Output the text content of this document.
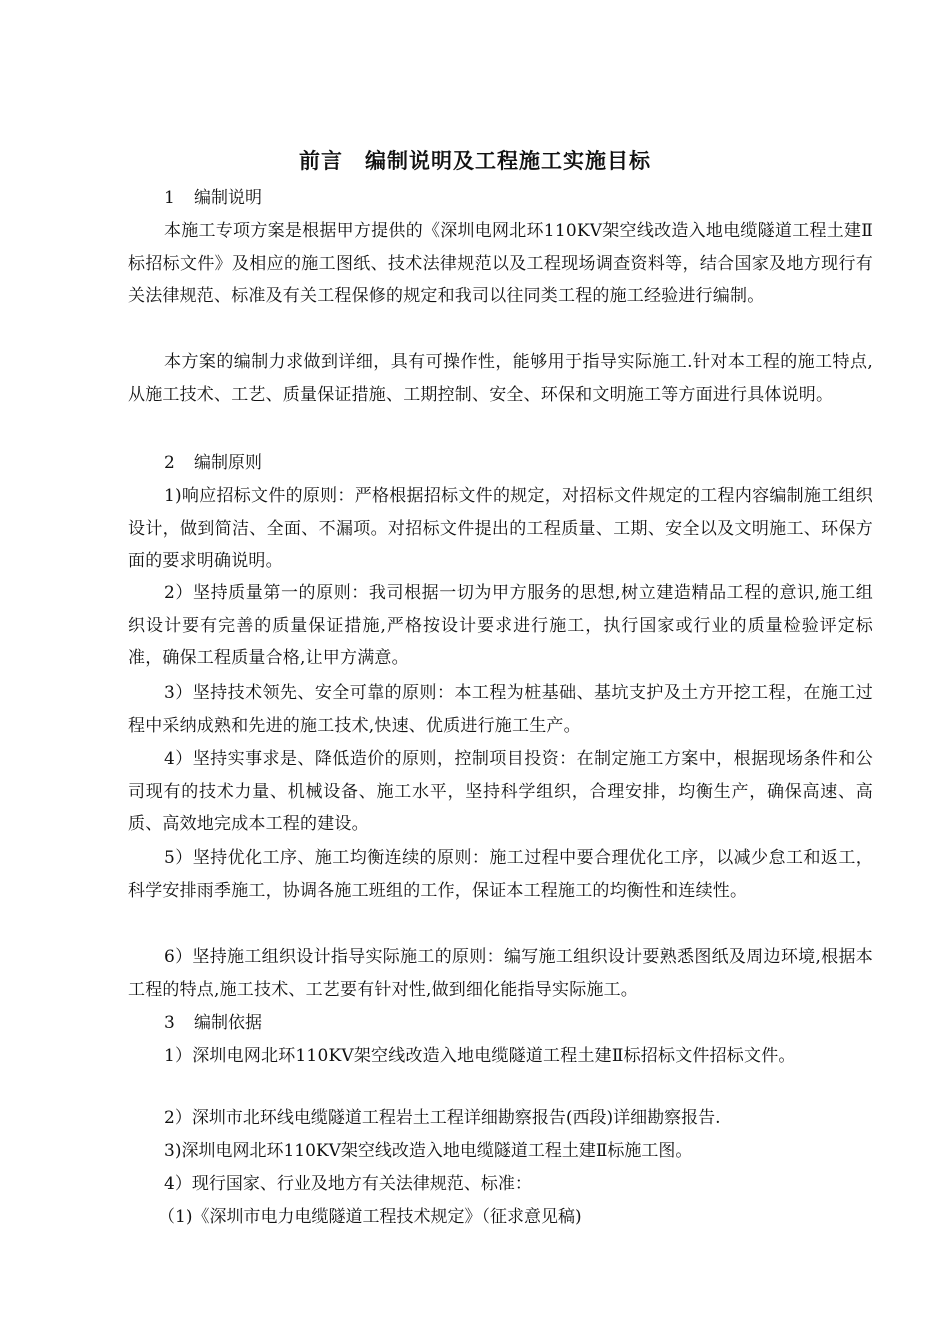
前言　编制说明及工程施工实施目标
1 编制说明
本施工专项方案是根据甲方提供的《深圳电网北环110KV架空线改造入地电缆隧道工程土建Ⅱ标招标文件》及相应的施工图纸、技术法律规范以及工程现场调查资料等，结合国家及地方现行有关法律规范、标准及有关工程保修的规定和我司以往同类工程的施工经验进行编制。
本方案的编制力求做到详细，具有可操作性，能够用于指导实际施工.针对本工程的施工特点,从施工技术、工艺、质量保证措施、工期控制、安全、环保和文明施工等方面进行具体说明。
2 编制原则
1)响应招标文件的原则：严格根据招标文件的规定，对招标文件规定的工程内容编制施工组织设计，做到简洁、全面、不漏项。对招标文件提出的工程质量、工期、安全以及文明施工、环保方面的要求明确说明。
2）坚持质量第一的原则：我司根据一切为甲方服务的思想,树立建造精品工程的意识,施工组织设计要有完善的质量保证措施,严格按设计要求进行施工，执行国家或行业的质量检验评定标准，确保工程质量合格,让甲方满意。
3）坚持技术领先、安全可靠的原则：本工程为桩基础、基坑支护及土方开挖工程，在施工过程中采纳成熟和先进的施工技术,快速、优质进行施工生产。
4）坚持实事求是、降低造价的原则，控制项目投资：在制定施工方案中，根据现场条件和公司现有的技术力量、机械设备、施工水平，坚持科学组织，合理安排，均衡生产，确保高速、高质、高效地完成本工程的建设。
5）坚持优化工序、施工均衡连续的原则：施工过程中要合理优化工序，以减少怠工和返工，科学安排雨季施工，协调各施工班组的工作，保证本工程施工的均衡性和连续性。
6）坚持施工组织设计指导实际施工的原则：编写施工组织设计要熟悉图纸及周边环境,根据本工程的特点,施工技术、工艺要有针对性,做到细化能指导实际施工。
3 编制依据
1）深圳电网北环110KV架空线改造入地电缆隧道工程土建Ⅱ标招标文件招标文件。
2）深圳市北环线电缆隧道工程岩土工程详细勘察报告(西段)详细勘察报告.
3)深圳电网北环110KV架空线改造入地电缆隧道工程土建Ⅱ标施工图。
4）现行国家、行业及地方有关法律规范、标准：
（1)《深圳市电力电缆隧道工程技术规定》（征求意见稿)
